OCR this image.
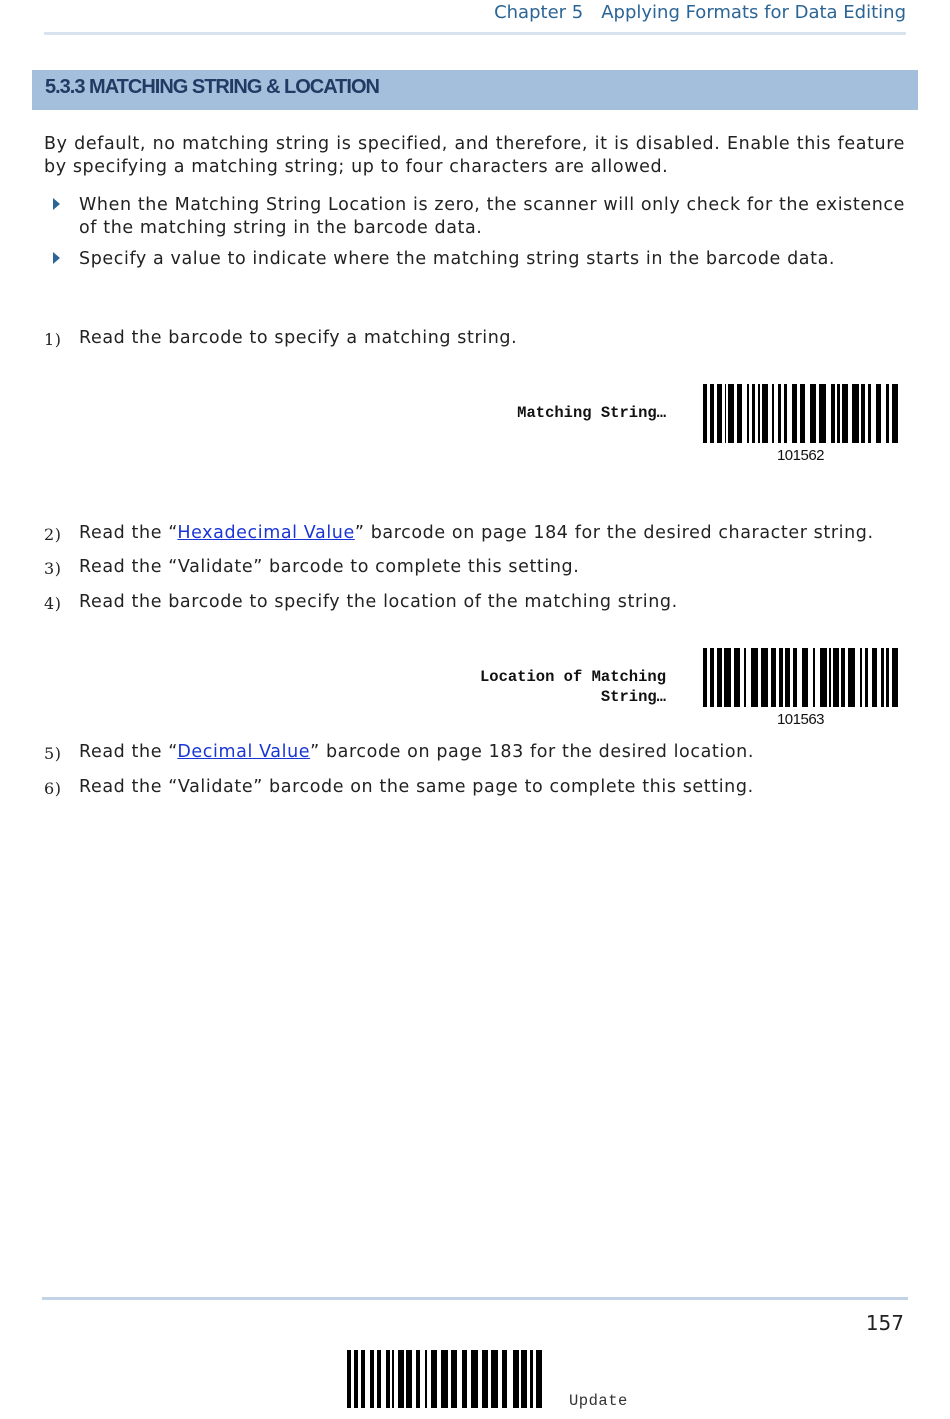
Chapter 5 Applying Formats for Data Editing
5.3.3 MATCHING STRING & LOCATION
By default, no matching string is specified, and therefore, it is disabled. Enable this feature by specifying a matching string; up to four characters are allowed.
When the Matching String Location is zero, the scanner will only check for the existence of the matching string in the barcode data.
Specify a value to indicate where the matching string starts in the barcode data.
1) Read the barcode to specify a matching string.
Matching String…
101562
2) Read the “Hexadecimal Value” barcode on page 184 for the desired character string.
3) Read the “Validate” barcode to complete this setting.
4) Read the barcode to specify the location of the matching string.
Location of Matching
String…
101563
5) Read the “Decimal Value” barcode on page 183 for the desired location.
6) Read the “Validate” barcode on the same page to complete this setting.
157
Update
